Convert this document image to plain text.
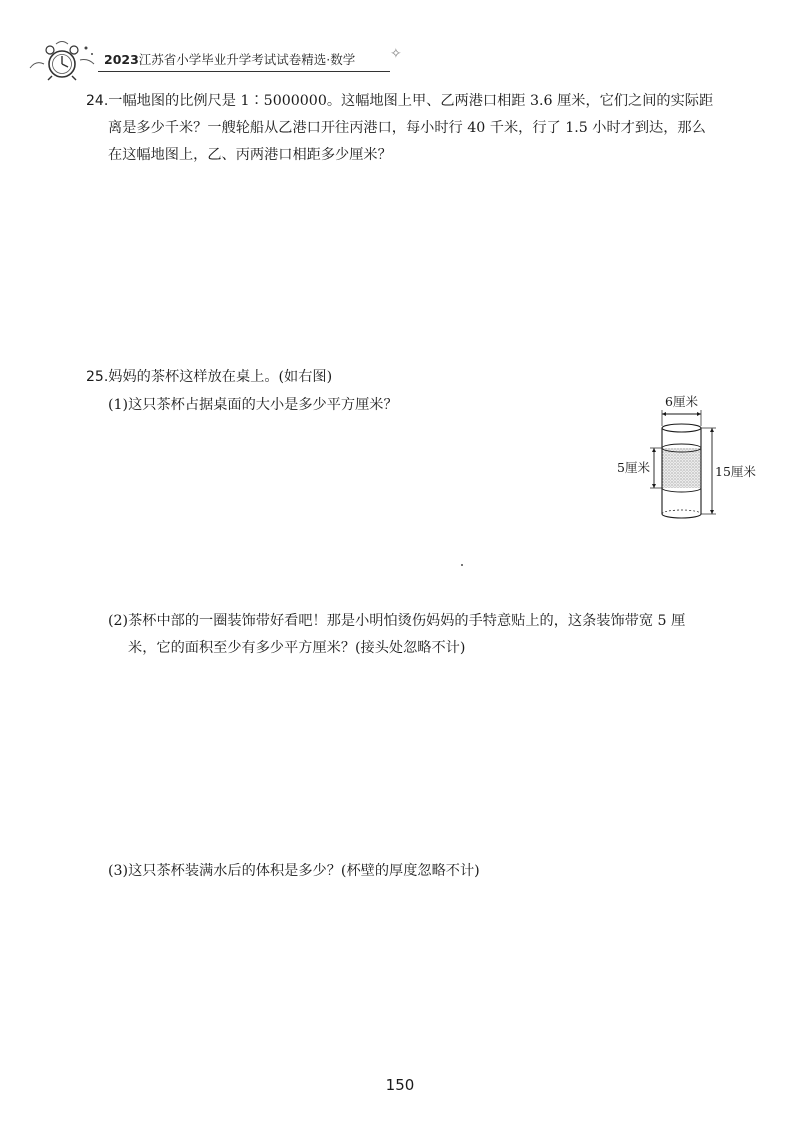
2023江苏省小学毕业升学考试试卷精选·数学 ✧
24.一幅地图的比例尺是 1∶5000000。这幅地图上甲、乙两港口相距 3.6 厘米，它们之间的实际距
离是多少千米？一艘轮船从乙港口开往丙港口，每小时行 40 千米，行了 1.5 小时才到达，那么
在这幅地图上，乙、丙两港口相距多少厘米？
25.妈妈的茶杯这样放在桌上。(如右图)
(1)这只茶杯占据桌面的大小是多少平方厘米？	6厘米
5厘米	15厘米
(2)茶杯中部的一圈装饰带好看吧！那是小明怕烫伤妈妈的手特意贴上的，这条装饰带宽 5 厘
米，它的面积至少有多少平方厘米？(接头处忽略不计)
(3)这只茶杯装满水后的体积是多少？(杯壁的厚度忽略不计)
150
